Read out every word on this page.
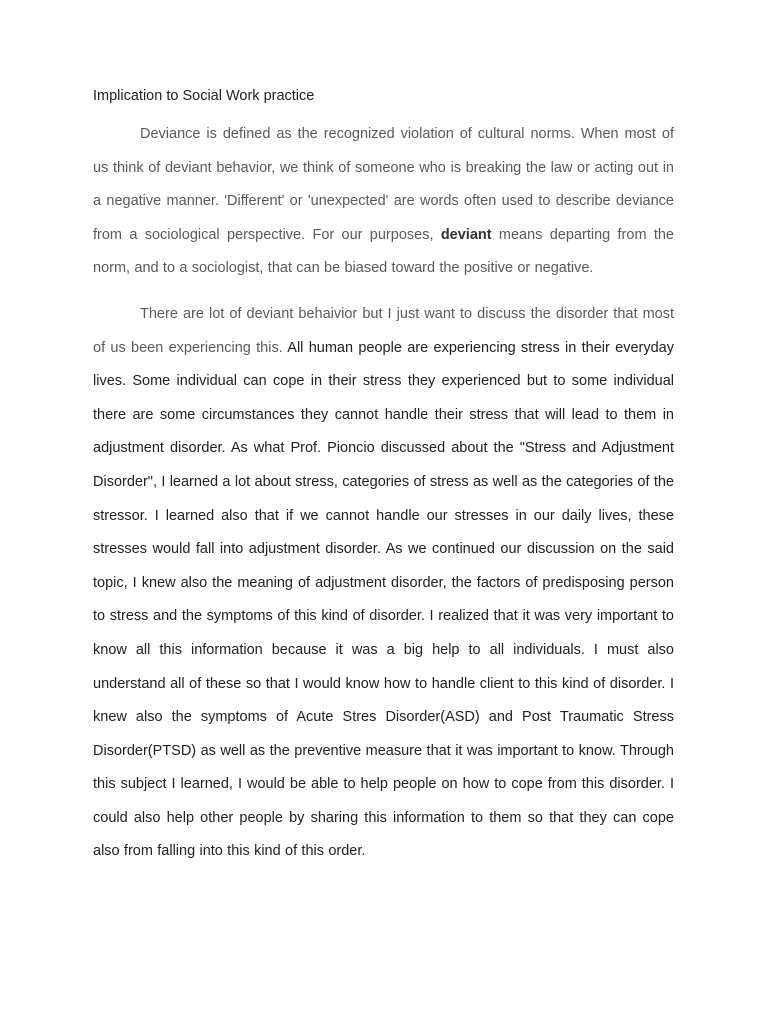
Implication to Social Work practice

Deviance is defined as the recognized violation of cultural norms. When most of us think of deviant behavior, we think of someone who is breaking the law or acting out in a negative manner. 'Different' or 'unexpected' are words often used to describe deviance from a sociological perspective. For our purposes, deviant means departing from the norm, and to a sociologist, that can be biased toward the positive or negative.

There are lot of deviant behaivior but I just want to discuss the disorder that most of us been experiencing this. All human people are experiencing stress in their everyday lives. Some individual can cope in their stress they experienced but to some individual there are some circumstances they cannot handle their stress that will lead to them in adjustment disorder. As what Prof. Pioncio discussed about the "Stress and Adjustment Disorder", I learned a lot about stress, categories of stress as well as the categories of the stressor. I learned also that if we cannot handle our stresses in our daily lives, these stresses would fall into adjustment disorder. As we continued our discussion on the said topic, I knew also the meaning of adjustment disorder, the factors of predisposing person to stress and the symptoms of this kind of disorder. I realized that it was very important to know all this information because it was a big help to all individuals. I must also understand all of these so that I would know how to handle client to this kind of disorder. I knew also the symptoms of Acute Stres Disorder(ASD) and Post Traumatic Stress Disorder(PTSD) as well as the preventive measure that it was important to know. Through this subject I learned, I would be able to help people on how to cope from this disorder. I could also help other people by sharing this information to them so that they can cope also from falling into this kind of this order.
